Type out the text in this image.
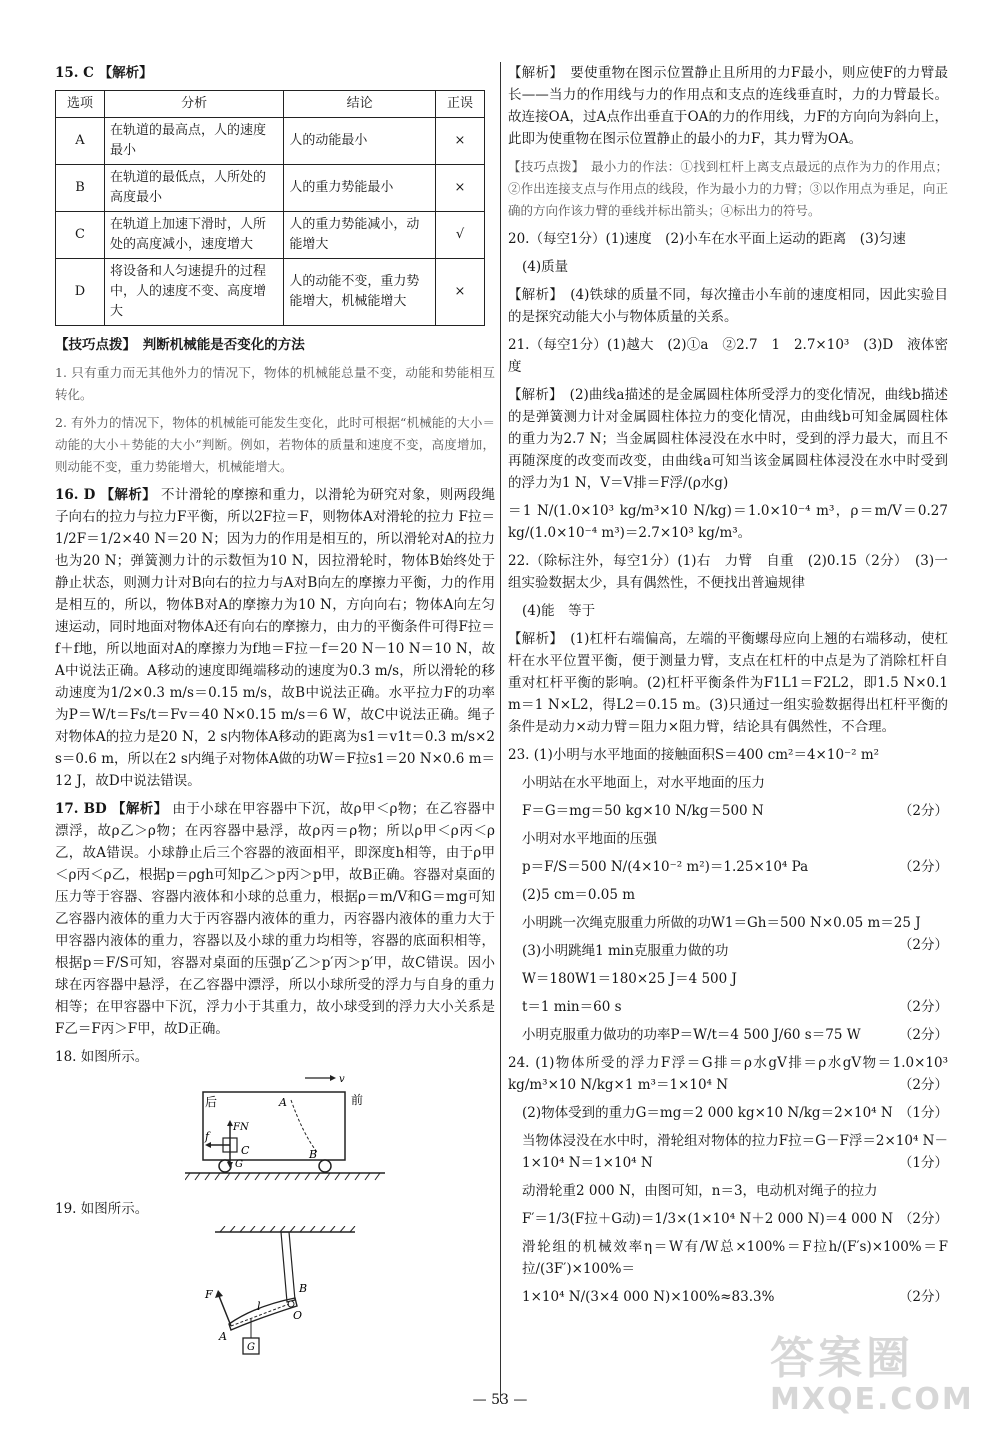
15. C 【解析】
选项	分析	结论	正误
A	在轨道的最高点，人的速度最小	人的动能最小	×
B	在轨道的最低点，人所处的高度最小	人的重力势能最小	×
C	在轨道上加速下滑时，人所处的高度减小，速度增大	人的重力势能减小，动能增大	√
D	将设备和人匀速提升的过程中，人的速度不变、高度增大	人的动能不变，重力势能增大，机械能增大	×
【技巧点拨】　判断机械能是否变化的方法
1. 只有重力而无其他外力的情况下，物体的机械能总量不变，动能和势能相互转化。
2. 有外力的情况下，物体的机械能可能发生变化，此时可根据“机械能的大小＝动能的大小＋势能的大小”判断。例如，若物体的质量和速度不变，高度增加，则动能不变，重力势能增大，机械能增大。
16. D 【解析】 不计滑轮的摩擦和重力，以滑轮为研究对象，则两段绳子向右的拉力与拉力F平衡，所以2F拉＝F，则物体A对滑轮的拉力 F拉＝1/2F＝1/2×40 N＝20 N；因为力的作用是相互的，所以滑轮对A的拉力也为20 N；弹簧测力计的示数恒为10 N，因拉滑轮时，物体B始终处于静止状态，则测力计对B向右的拉力与A对B向左的摩擦力平衡，力的作用是相互的，所以，物体B对A的摩擦力为10 N，方向向右；物体A向左匀速运动，同时地面对物体A还有向右的摩擦力，由力的平衡条件可得F拉＝f＋f地，所以地面对A的摩擦力为f地＝F拉－f＝20 N－10 N＝10 N，故A中说法正确。A移动的速度即绳端移动的速度为0.3 m/s，所以滑轮的移动速度为1/2×0.3 m/s＝0.15 m/s，故B中说法正确。水平拉力F的功率为P＝W/t＝Fs/t＝Fv＝40 N×0.15 m/s＝6 W，故C中说法正确。绳子对物体A的拉力是20 N，2 s内物体A移动的距离为s1＝v1t＝0.3 m/s×2 s＝0.6 m，所以在2 s内绳子对物体A做的功W＝F拉s1＝20 N×0.6 m＝12 J，故D中说法错误。
17. BD 【解析】 由于小球在甲容器中下沉，故ρ甲＜ρ物；在乙容器中漂浮，故ρ乙＞ρ物；在丙容器中悬浮，故ρ丙＝ρ物；所以ρ甲＜ρ丙＜ρ乙，故A错误。小球静止后三个容器的液面相平，即深度h相等，由于ρ甲＜ρ丙＜ρ乙，根据p＝ρgh可知p乙＞p丙＞p甲，故B正确。容器对桌面的压力等于容器、容器内液体和小球的总重力，根据ρ＝m/V和G＝mg可知乙容器内液体的重力大于丙容器内液体的重力，丙容器内液体的重力大于甲容器内液体的重力，容器以及小球的重力均相等，容器的底面积相等，根据p＝F/S可知，容器对桌面的压强p′乙＞p′丙＞p′甲，故C错误。因小球在丙容器中悬浮，在乙容器中漂浮，所以小球所受的浮力与自身的重力相等；在甲容器中下沉，浮力小于其重力，故小球受到的浮力大小关系是F乙＝F丙＞F甲，故D正确。
18. 如图所示。
v
前
后	A
B
C
FN
f
G
19. 如图所示。
O
B
l
F
A
G
【解析】　要使重物在图示位置静止且所用的力F最小，则应使F的力臂最长——当力的作用线与力的作用点和支点的连线垂直时，力的力臂最长。故连接OA，过A点作出垂直于OA的力的作用线，力F的方向向为斜向上，此即为使重物在图示位置静止的最小的力F，其力臂为OA。
【技巧点拨】　最小力的作法：①找到杠杆上离支点最远的点作为力的作用点；②作出连接支点与作用点的线段，作为最小力的力臂；③以作用点为垂足，向正确的方向作该力臂的垂线并标出箭头；④标出力的符号。
20.（每空1分）(1)速度　(2)小车在水平面上运动的距离　(3)匀速
(4)质量
【解析】　(4)铁球的质量不同，每次撞击小车前的速度相同，因此实验目的是探究动能大小与物体质量的关系。
21.（每空1分）(1)越大　(2)①a　②2.7　1　2.7×10³　(3)D　液体密度
【解析】　(2)曲线a描述的是金属圆柱体所受浮力的变化情况，曲线b描述的是弹簧测力计对金属圆柱体拉力的变化情况，由曲线b可知金属圆柱体的重力为2.7 N；当金属圆柱体浸没在水中时，受到的浮力最大，而且不再随深度的改变而改变，由曲线a可知当该金属圆柱体浸没在水中时受到的浮力为1 N，V＝V排＝F浮/(ρ水g)
＝1 N/(1.0×10³ kg/m³×10 N/kg)＝1.0×10⁻⁴ m³，ρ＝m/V＝0.27 kg/(1.0×10⁻⁴ m³)＝2.7×10³ kg/m³。
22.（除标注外，每空1分）(1)右　力臂　自重　(2)0.15（2分）　(3)一组实验数据太少，具有偶然性，不便找出普遍规律
(4)能　等于
【解析】　(1)杠杆右端偏高，左端的平衡螺母应向上翘的右端移动，使杠杆在水平位置平衡，便于测量力臂，支点在杠杆的中点是为了消除杠杆自重对杠杆平衡的影响。(2)杠杆平衡条件为F1L1＝F2L2，即1.5 N×0.1 m＝1 N×L2，得L2＝0.15 m。(3)只通过一组实验数据得出杠杆平衡的条件是动力×动力臂＝阻力×阻力臂，结论具有偶然性，不合理。
23. (1)小明与水平地面的接触面积S＝400 cm²＝4×10⁻² m²
小明站在水平地面上，对水平地面的压力
F＝G＝mg＝50 kg×10 N/kg＝500 N	（2分）
小明对水平地面的压强
p＝F/S＝500 N/(4×10⁻² m²)＝1.25×10⁴ Pa	（2分）
(2)5 cm＝0.05 m
小明跳一次绳克服重力所做的功W1＝Gh＝500 N×0.05 m＝25 J
（2分）
(3)小明跳绳1 min克服重力做的功
W＝180W1＝180×25 J＝4 500 J
t＝1 min＝60 s	（2分）
小明克服重力做功的功率P＝W/t＝4 500 J/60 s＝75 W	（2分）
24. (1)物体所受的浮力F浮＝G排＝ρ水gV排＝ρ水gV物＝1.0×10³ kg/m³×10 N/kg×1 m³＝1×10⁴ N	（2分）
(2)物体受到的重力G＝mg＝2 000 kg×10 N/kg＝2×10⁴ N （1分）
当物体浸没在水中时，滑轮组对物体的拉力F拉＝G－F浮＝2×10⁴ N－1×10⁴ N＝1×10⁴ N	（1分）
动滑轮重2 000 N，由图可知，n＝3，电动机对绳子的拉力
F′＝1/3(F拉＋G动)＝1/3×(1×10⁴ N＋2 000 N)＝4 000 N （2分）
滑轮组的机械效率η＝W有/W总×100%＝F拉h/(F′s)×100%＝F拉/(3F′)×100%＝
1×10⁴ N/(3×4 000 N)×100%≈83.3%	（2分）
— 53 —
答案圈
MXQE.COM
